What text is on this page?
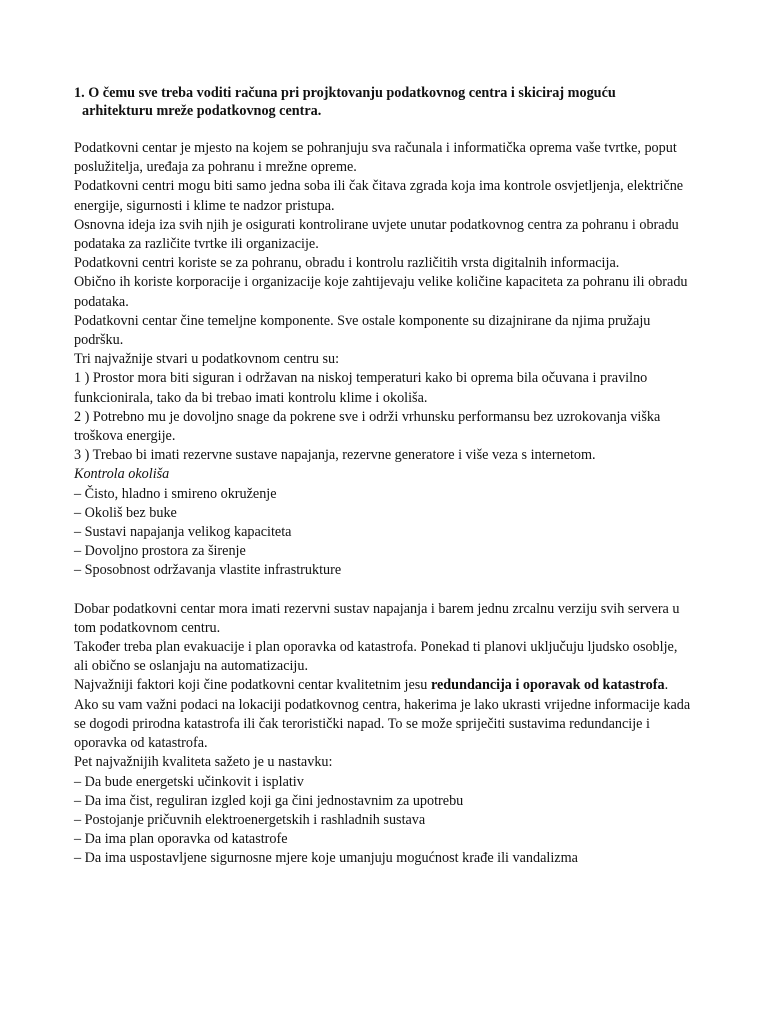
1. O čemu sve treba voditi računa pri projktovanju podatkovnog centra i skiciraj moguću
arhitekturu mreže podatkovnog centra.
Podatkovni centar je mjesto na kojem se pohranjuju sva računala i informatička oprema vaše tvrtke, poput poslužitelja, uređaja za pohranu i mrežne opreme.
Podatkovni centri mogu biti samo jedna soba ili čak čitava zgrada koja ima kontrole osvjetljenja, električne energije, sigurnosti i klime te nadzor pristupa.
Osnovna ideja iza svih njih je osigurati kontrolirane uvjete unutar podatkovnog centra za pohranu i obradu podataka za različite tvrtke ili organizacije.
Podatkovni centri koriste se za pohranu, obradu i kontrolu različitih vrsta digitalnih informacija.
Obično ih koriste korporacije i organizacije koje zahtijevaju velike količine kapaciteta za pohranu ili obradu podataka.
Podatkovni centar čine temeljne komponente. Sve ostale komponente su dizajnirane da njima pružaju podršku.
Tri najvažnije stvari u podatkovnom centru su:
1 ) Prostor mora biti siguran i održavan na niskoj temperaturi kako bi oprema bila očuvana i pravilno funkcionirala, tako da bi trebao imati kontrolu klime i okoliša.
2 ) Potrebno mu je dovoljno snage da pokrene sve i održi vrhunsku performansu bez uzrokovanja viška troškova energije.
3 ) Trebao bi imati rezervne sustave napajanja, rezervne generatore i više veza s internetom.
Kontrola okoliša
– Čisto, hladno i smireno okruženje
– Okoliš bez buke
– Sustavi napajanja velikog kapaciteta
– Dovoljno prostora za širenje
– Sposobnost održavanja vlastite infrastrukture
Dobar podatkovni centar mora imati rezervni sustav napajanja i barem jednu zrcalnu verziju svih servera u tom podatkovnom centru.
Također treba plan evakuacije i plan oporavka od katastrofa. Ponekad ti planovi uključuju ljudsko osoblje, ali obično se oslanjaju na automatizaciju.
Najvažniji faktori koji čine podatkovni centar kvalitetnim jesu redundancija i oporavak od katastrofa. Ako su vam važni podaci na lokaciji podatkovnog centra, hakerima je lako ukrasti vrijedne informacije kada se dogodi prirodna katastrofa ili čak teroristički napad. To se može spriječiti sustavima redundancije i oporavka od katastrofa.
Pet najvažnijih kvaliteta sažeto je u nastavku:
– Da bude energetski učinkovit i isplativ
– Da ima čist, reguliran izgled koji ga čini jednostavnim za upotrebu
– Postojanje pričuvnih elektroenergetskih i rashladnih sustava
– Da ima plan oporavka od katastrofe
– Da ima uspostavljene sigurnosne mjere koje umanjuju mogućnost krađe ili vandalizma
